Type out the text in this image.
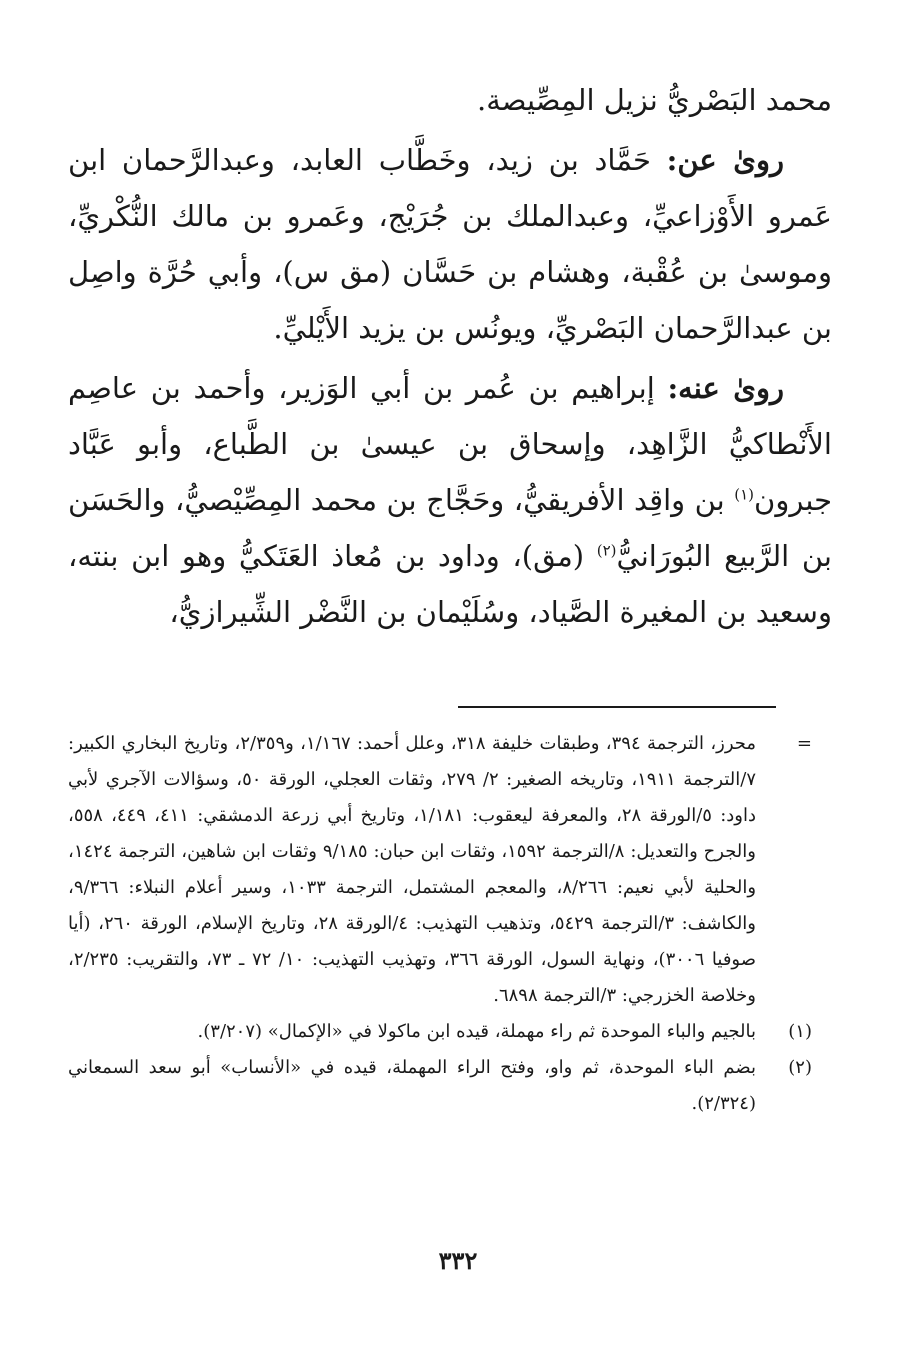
محمد البَصْريُّ نزيل المِصِّيصة.

روىٰ عن: حَمَّاد بن زيد، وخَطَّاب العابد، وعبدالرَّحمان ابن عَمرو الأَوْزاعيِّ، وعبدالملك بن جُرَيْج، وعَمرو بن مالك النُّكْريِّ، وموسىٰ بن عُقْبة، وهشام بن حَسَّان (مق س)، وأبي حُرَّة واصِل بن عبدالرَّحمان البَصْريِّ، ويونُس بن يزيد الأَيْليِّ.

روىٰ عنه: إبراهيم بن عُمر بن أبي الوَزير، وأحمد بن عاصِم الأَنْطاكيُّ الزَّاهِد، وإسحاق بن عيسىٰ بن الطَّباع، وأبو عَبَّاد جبرون$^{(١)}$ بن واقِد الأفريقيُّ، وحَجَّاج بن محمد المِصِّيْصيُّ، والحَسَن بن الرَّبيع البُورَانيُّ$^{(٢)}$ (مق)، وداود بن مُعاذ العَتَكيُّ وهو ابن بنته، وسعيد بن المغيرة الصَّياد، وسُلَيْمان بن النَّضْر الشِّيرازيُّ،

=
محرز، الترجمة ٣٩٤، وطبقات خليفة ٣١٨، وعلل أحمد: ١/١٦٧، و٢/٣٥٩، وتاريخ البخاري الكبير: ٧/الترجمة ١٩١١، وتاريخه الصغير: ٢/ ٢٧٩، وثقات العجلي، الورقة ٥٠، وسؤالات الآجري لأبي داود: ٥/الورقة ٢٨، والمعرفة ليعقوب: ١/١٨١، وتاريخ أبي زرعة الدمشقي: ٤١١، ٤٤٩، ٥٥٨، والجرح والتعديل: ٨/الترجمة ١٥٩٢، وثقات ابن حبان: ٩/١٨٥ وثقات ابن شاهين، الترجمة ١٤٢٤، والحلية لأبي نعيم: ٨/٢٦٦، والمعجم المشتمل، الترجمة ١٠٣٣، وسير أعلام النبلاء: ٩/٣٦٦، والكاشف: ٣/الترجمة ٥٤٢٩، وتذهيب التهذيب: ٤/الورقة ٢٨، وتاريخ الإسلام، الورقة ٢٦٠، (أيا صوفيا ٣٠٠٦)، ونهاية السول، الورقة ٣٦٦، وتهذيب التهذيب: ١٠/ ٧٢ ـ ٧٣، والتقريب: ٢/٢٣٥، وخلاصة الخزرجي: ٣/الترجمة ٦٨٩٨.
(١)
بالجيم والباء الموحدة ثم راء مهملة، قيده ابن ماكولا في «الإكمال» (٣/٢٠٧).
(٢)
بضم الباء الموحدة، ثم واو، وفتح الراء المهملة، قيده في «الأنساب» أبو سعد السمعاني (٢/٣٢٤).
٣٣٢
